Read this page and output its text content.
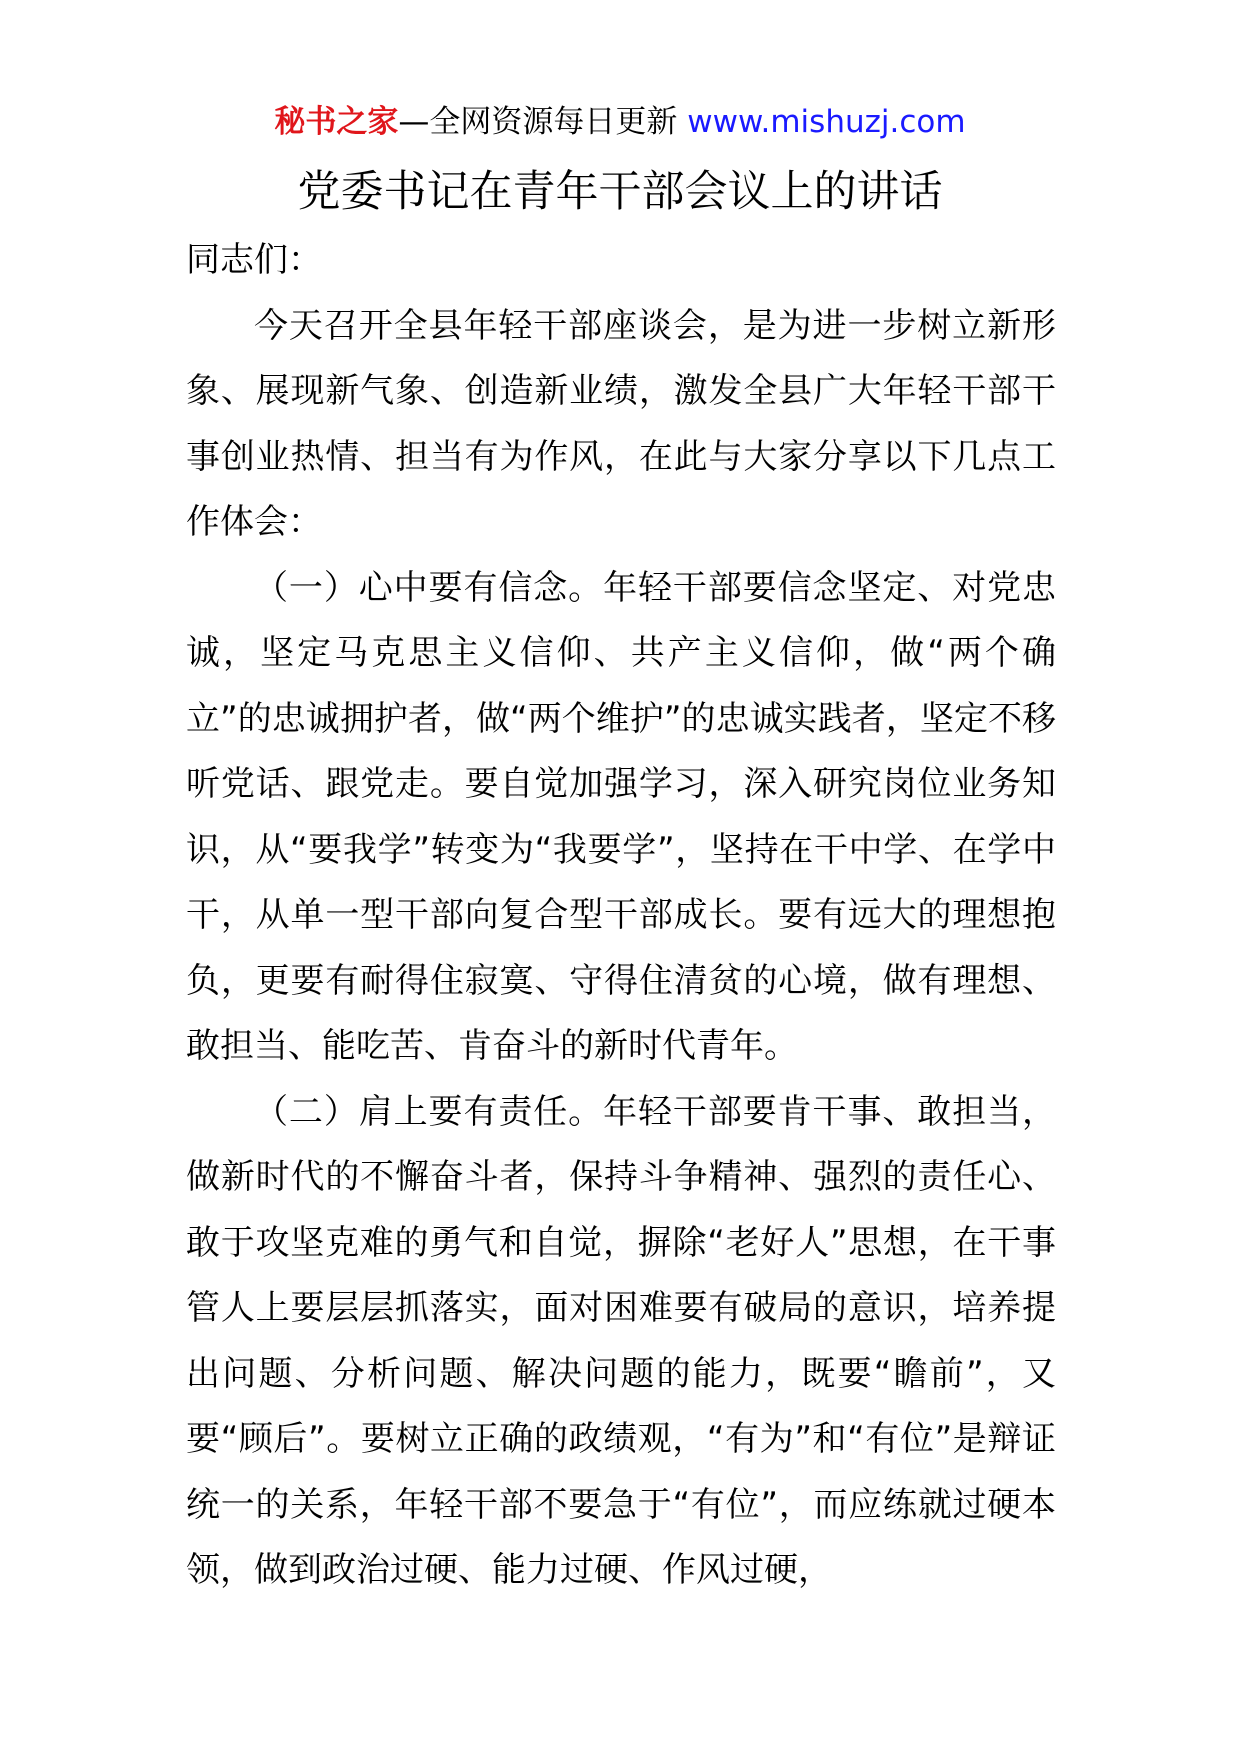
秘书之家—全网资源每日更新 www.mishuzj.com
党委书记在青年干部会议上的讲话

同志们：

今天召开全县年轻干部座谈会，是为进一步树立新形象、展现新气象、创造新业绩，激发全县广大年轻干部干事创业热情、担当有为作风，在此与大家分享以下几点工作体会：

（一）心中要有信念。年轻干部要信念坚定、对党忠诚，坚定马克思主义信仰、共产主义信仰，做“两个确立”的忠诚拥护者，做“两个维护”的忠诚实践者，坚定不移听党话、跟党走。要自觉加强学习，深入研究岗位业务知识，从“要我学”转变为“我要学”，坚持在干中学、在学中干，从单一型干部向复合型干部成长。要有远大的理想抱负，更要有耐得住寂寞、守得住清贫的心境，做有理想、敢担当、能吃苦、肯奋斗的新时代青年。

（二）肩上要有责任。年轻干部要肯干事、敢担当，做新时代的不懈奋斗者，保持斗争精神、强烈的责任心、敢于攻坚克难的勇气和自觉，摒除“老好人”思想，在干事管人上要层层抓落实，面对困难要有破局的意识，培养提出问题、分析问题、解决问题的能力，既要“瞻前”，又要“顾后”。要树立正确的政绩观，“有为”和“有位”是辩证统一的关系，年轻干部不要急于“有位”，而应练就过硬本领，做到政治过硬、能力过硬、作风过硬，
